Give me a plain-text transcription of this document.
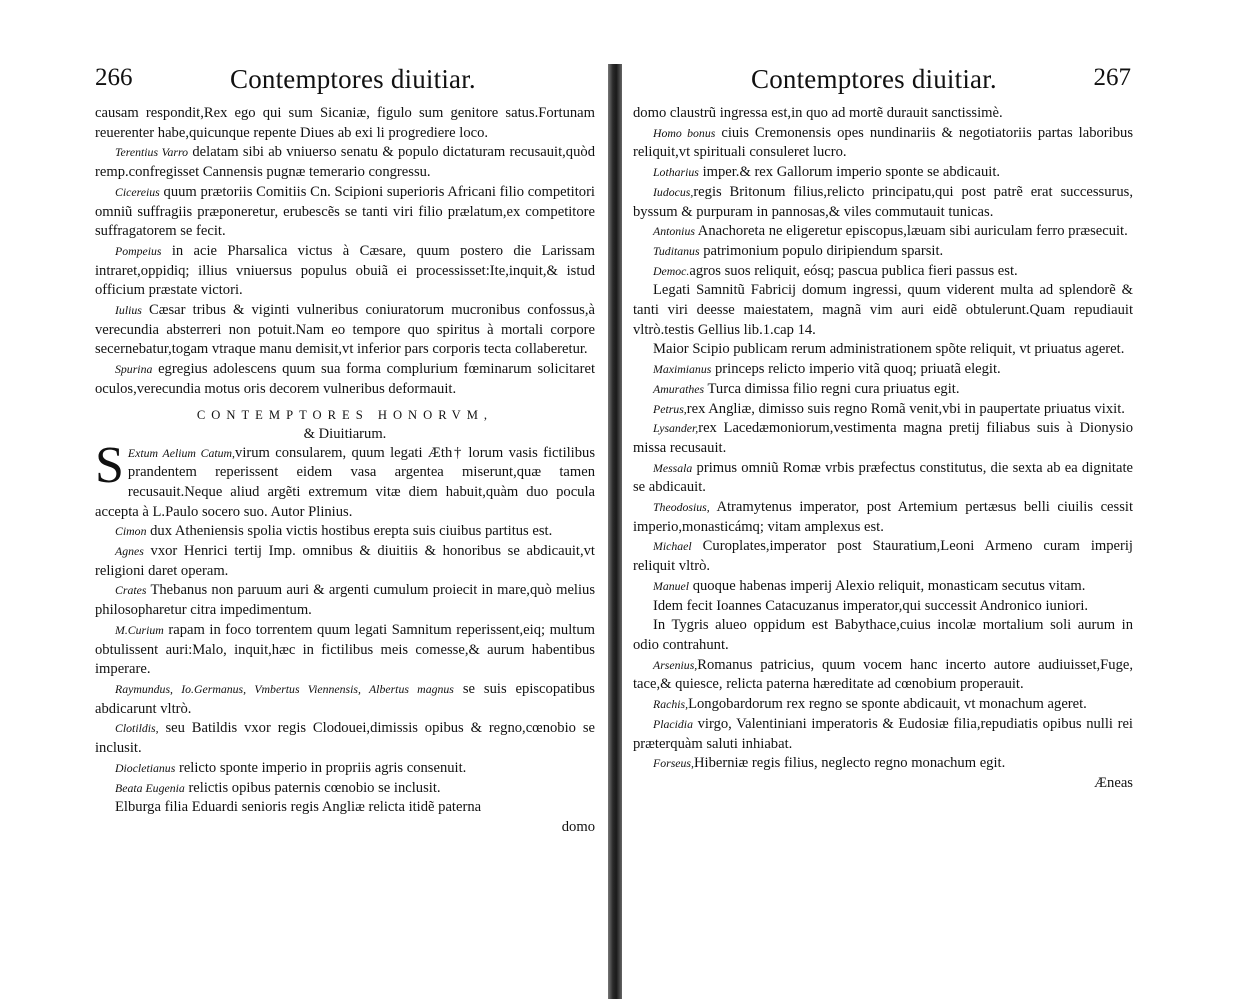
266	Contemptores diuitiar.

causam respondit,Rex ego qui sum Sicaniæ, figulo sum genitore satus.Fortunam reuerenter habe,quicunque repente Diues ab exi li progrediere loco.

Terentius Varro delatam sibi ab vniuerso senatu & populo dictaturam recusauit,quòd remp.confregisset Cannensis pugnæ temerario congressu.

Cicereius quum prætoriis Comitiis Cn. Scipioni superioris Africani filio competitori omniũ suffragiis præponeretur, erubescẽs se tanti viri filio prælatum,ex competitore suffragatorem se fecit.

Pompeius in acie Pharsalica victus à Cæsare, quum postero die Larissam intraret,oppidiq; illius vniuersus populus obuiã ei processisset:Ite,inquit,& istud officium præstate victori.

Iulius Cæsar tribus & viginti vulneribus coniuratorum mucronibus confossus,à verecundia absterreri non potuit.Nam eo tempore quo spiritus à mortali corpore secernebatur,togam vtraque manu demisit,vt inferior pars corporis tecta collaberetur.

Spurina egregius adolescens quum sua forma complurium fœminarum solicitaret oculos,verecundia motus oris decorem vulneribus deformauit.

CONTEMPTORES HONORVM,
& Diuitiarum.

S Extum Aelium Catum,virum consularem, quum legati Æth† lorum vasis fictilibus prandentem reperissent eidem vasa argentea miserunt,quæ tamen recusauit.Neque aliud argẽti extremum vitæ diem habuit,quàm duo pocula accepta à L.Paulo socero suo. Autor Plinius.

Cimon dux Atheniensis spolia victis hostibus erepta suis ciuibus partitus est.

Agnes vxor Henrici tertij Imp. omnibus & diuitiis & honoribus se abdicauit,vt religioni daret operam.

Crates Thebanus non paruum auri & argenti cumulum proiecit in mare,quò melius philosopharetur citra impedimentum.

M.Curium rapam in foco torrentem quum legati Samnitum reperissent,eiq; multum obtulissent auri:Malo, inquit,hæc in fictilibus meis comesse,& aurum habentibus imperare.

Raymundus, Io.Germanus, Vmbertus Viennensis, Albertus magnus se suis episcopatibus abdicarunt vltrò.

Clotildis, seu Batildis vxor regis Clodouei,dimissis opibus & regno,cœnobio se inclusit.

Diocletianus relicto sponte imperio in propriis agris consenuit.

Beata Eugenia relictis opibus paternis cœnobio se inclusit.

Elburga filia Eduardi senioris regis Angliæ relicta itidẽ paterna

domo
Contemptores diuitiar.	267

domo claustrũ ingressa est,in quo ad mortẽ durauit sanctissimè.

Homo bonus ciuis Cremonensis opes nundinariis & negotiatoriis partas laboribus reliquit,vt spirituali consuleret lucro.

Lotharius imper.& rex Gallorum imperio sponte se abdicauit.

Iudocus,regis Britonum filius,relicto principatu,qui post patrẽ erat successurus, byssum & purpuram in pannosas,& viles commutauit tunicas.

Antonius Anachoreta ne eligeretur episcopus,læuam sibi auriculam ferro præsecuit.

Tuditanus patrimonium populo diripiendum sparsit.

Democ.agros suos reliquit, eósq; pascua publica fieri passus est.

Legati Samnitũ Fabricij domum ingressi, quum viderent multa ad splendorẽ & tanti viri deesse maiestatem, magnã vim auri eidẽ obtulerunt.Quam repudiauit vltrò.testis Gellius lib.1.cap 14.

Maior Scipio publicam rerum administrationem spõte reliquit, vt priuatus ageret.

Maximianus princeps relicto imperio vitã quoq; priuatã elegit.

Amurathes Turca dimissa filio regni cura priuatus egit.

Petrus,rex Angliæ, dimisso suis regno Romã venit,vbi in paupertate priuatus vixit.

Lysander,rex Lacedæmoniorum,vestimenta magna pretij filiabus suis à Dionysio missa recusauit.

Messala primus omniũ Romæ vrbis præfectus constitutus, die sexta ab ea dignitate se abdicauit.

Theodosius, Atramytenus imperator, post Artemium pertæsus belli ciuilis cessit imperio,monasticámq; vitam amplexus est.

Michael Curoplates,imperator post Stauratium,Leoni Armeno curam imperij reliquit vltrò.

Manuel quoque habenas imperij Alexio reliquit, monasticam secutus vitam.

Idem fecit Ioannes Catacuzanus imperator,qui successit Andronico iuniori.

In Tygris alueo oppidum est Babythace,cuius incolæ mortalium soli aurum in odio contrahunt.

Arsenius,Romanus patricius, quum vocem hanc incerto autore audiuisset,Fuge, tace,& quiesce, relicta paterna hæreditate ad cœnobium properauit.

Rachis,Longobardorum rex regno se sponte abdicauit, vt monachum ageret.

Placidia virgo, Valentiniani imperatoris & Eudosiæ filia,repudiatis opibus nulli rei præterquàm saluti inhiabat.

Forseus,Hiberniæ regis filius, neglecto regno monachum egit.

Æneas
